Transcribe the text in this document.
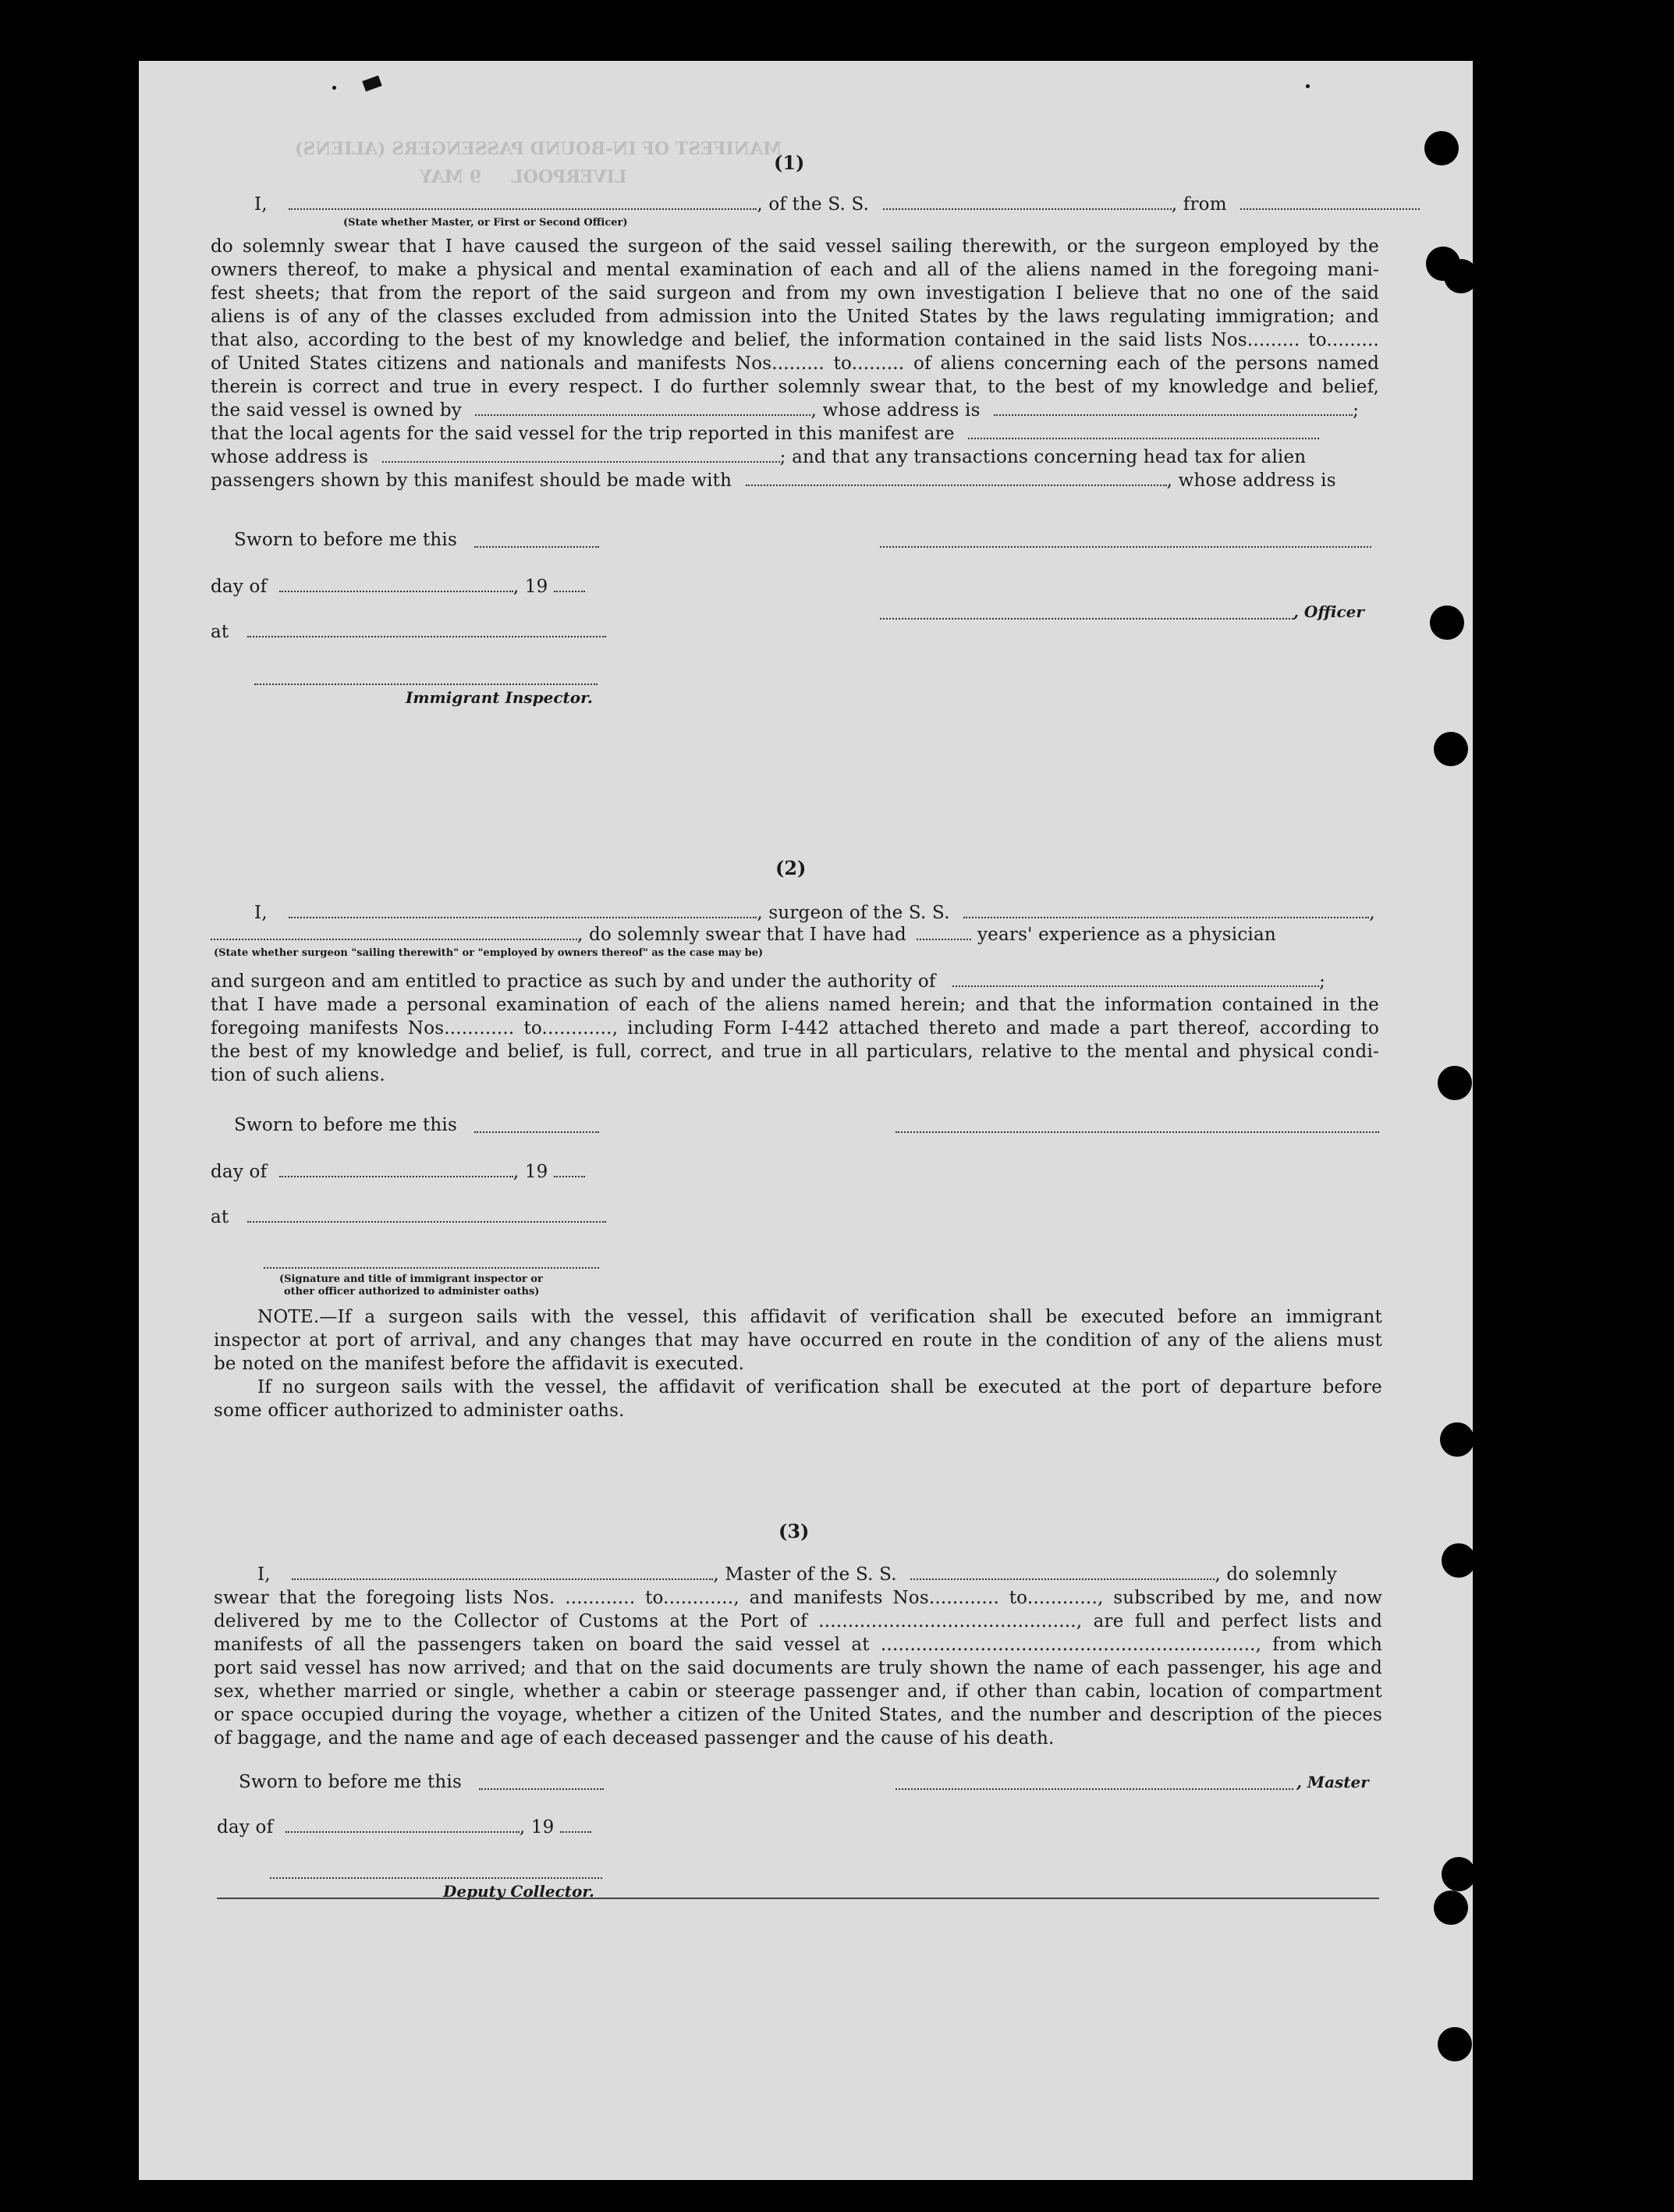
MANIFEST OF IN-BOUND PASSENGERS (ALIENS)
LIVERPOOL     9 MAY
(1)
I,	, of the S. S.	, from
(State whether Master, or First or Second Officer)
do solemnly swear that I have caused the surgeon of the said vessel sailing therewith, or the surgeon employed by the
owners thereof, to make a physical and mental examination of each and all of the aliens named in the foregoing mani-
fest sheets; that from the report of the said surgeon and from my own investigation I believe that no one of the said
aliens is of any of the classes excluded from admission into the United States by the laws regulating immigration; and
that also, according to the best of my knowledge and belief, the information contained in the said lists Nos......... to.........
of United States citizens and nationals and manifests Nos......... to......... of aliens concerning each of the persons named
therein is correct and true in every respect. I do further solemnly swear that, to the best of my knowledge and belief,
the said vessel is owned by	, whose address is	;
that the local agents for the said vessel for the trip reported in this manifest are
whose address is	; and that any transactions concerning head tax for alien
passengers shown by this manifest should be made with	, whose address is
Sworn to before me this
day of	, 19
, Officer
at
Immigrant Inspector.
(2)
I,	, surgeon of the S. S.	,
, do solemnly swear that I have had	years' experience as a physician
(State whether surgeon "sailing therewith" or "employed by owners thereof" as the case may be)
and surgeon and am entitled to practice as such by and under the authority of	;
that I have made a personal examination of each of the aliens named herein; and that the information contained in the
foregoing manifests Nos............ to............, including Form I-442 attached thereto and made a part thereof, according to
the best of my knowledge and belief, is full, correct, and true in all particulars, relative to the mental and physical condi-
tion of such aliens.
Sworn to before me this
day of	, 19
at
(Signature and title of immigrant inspector or
other officer authorized to administer oaths)
NOTE.—If a surgeon sails with the vessel, this affidavit of verification shall be executed before an immigrant
inspector at port of arrival, and any changes that may have occurred en route in the condition of any of the aliens must
be noted on the manifest before the affidavit is executed.
If no surgeon sails with the vessel, the affidavit of verification shall be executed at the port of departure before
some officer authorized to administer oaths.
(3)
I,	, Master of the S. S.	, do solemnly
swear that the foregoing lists Nos. ............ to............, and manifests Nos............ to............, subscribed by me, and now
delivered by me to the Collector of Customs at the Port of ............................................, are full and perfect lists and
manifests of all the passengers taken on board the said vessel at ................................................................, from which
port said vessel has now arrived; and that on the said documents are truly shown the name of each passenger, his age and
sex, whether married or single, whether a cabin or steerage passenger and, if other than cabin, location of compartment
or space occupied during the voyage, whether a citizen of the United States, and the number and description of the pieces
of baggage, and the name and age of each deceased passenger and the cause of his death.
Sworn to before me this	, Master
day of	, 19
Deputy Collector.
